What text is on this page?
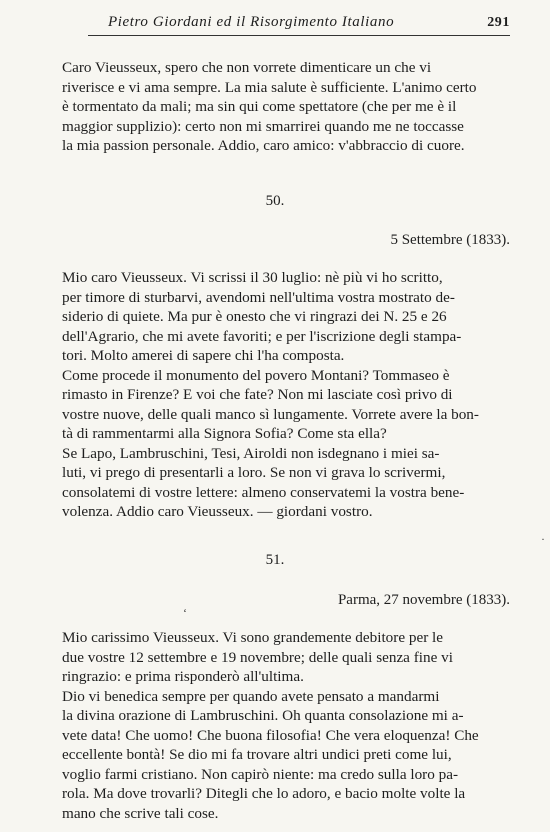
Pietro Giordani ed il Risorgimento Italiano	291
Caro Vieusseux, spero che non vorrete dimenticare un che vi
riverisce e vi ama sempre. La mia salute è sufficiente. L'animo certo
è tormentato da mali; ma sin qui come spettatore (che per me è il
maggior supplizio): certo non mi smarrirei quando me ne toccasse
la mia passion personale. Addio, caro amico: v'abbraccio di cuore.
50.
5 Settembre (1833).
Mio caro Vieusseux. Vi scrissi il 30 luglio: nè più vi ho scritto,
per timore di sturbarvi, avendomi nell'ultima vostra mostrato de-
siderio di quiete. Ma pur è onesto che vi ringrazi dei N. 25 e 26
dell'Agrario, che mi avete favoriti; e per l'iscrizione degli stampa-
tori. Molto amerei di sapere chi l'ha composta.
Come procede il monumento del povero Montani? Tommaseo è
rimasto in Firenze? E voi che fate? Non mi lasciate così privo di
vostre nuove, delle quali manco sì lungamente. Vorrete avere la bon-
tà di rammentarmi alla Signora Sofia? Come sta ella?
Se Lapo, Lambruschini, Tesi, Airoldi non isdegnano i miei sa-
luti, vi prego di presentarli a loro. Se non vi grava lo scrivermi,
consolatemi di vostre lettere: almeno conservatemi la vostra bene-
volenza. Addio caro Vieusseux. — giordani vostro.
51.
Parma, 27 novembre (1833).
Mio carissimo Vieusseux. Vi sono grandemente debitore per le
due vostre 12 settembre e 19 novembre; delle quali senza fine vi
ringrazio: e prima risponderò all'ultima.
Dio vi benedica sempre per quando avete pensato a mandarmi
la divina orazione di Lambruschini. Oh quanta consolazione mi a-
vete data! Che uomo! Che buona filosofia! Che vera eloquenza! Che
eccellente bontà! Se dio mi fa trovare altri undici preti come lui,
voglio farmi cristiano. Non capirò niente: ma credo sulla loro pa-
rola. Ma dove trovarli? Ditegli che lo adoro, e bacio molte volte la
mano che scrive tali cose.
ʻ
·
